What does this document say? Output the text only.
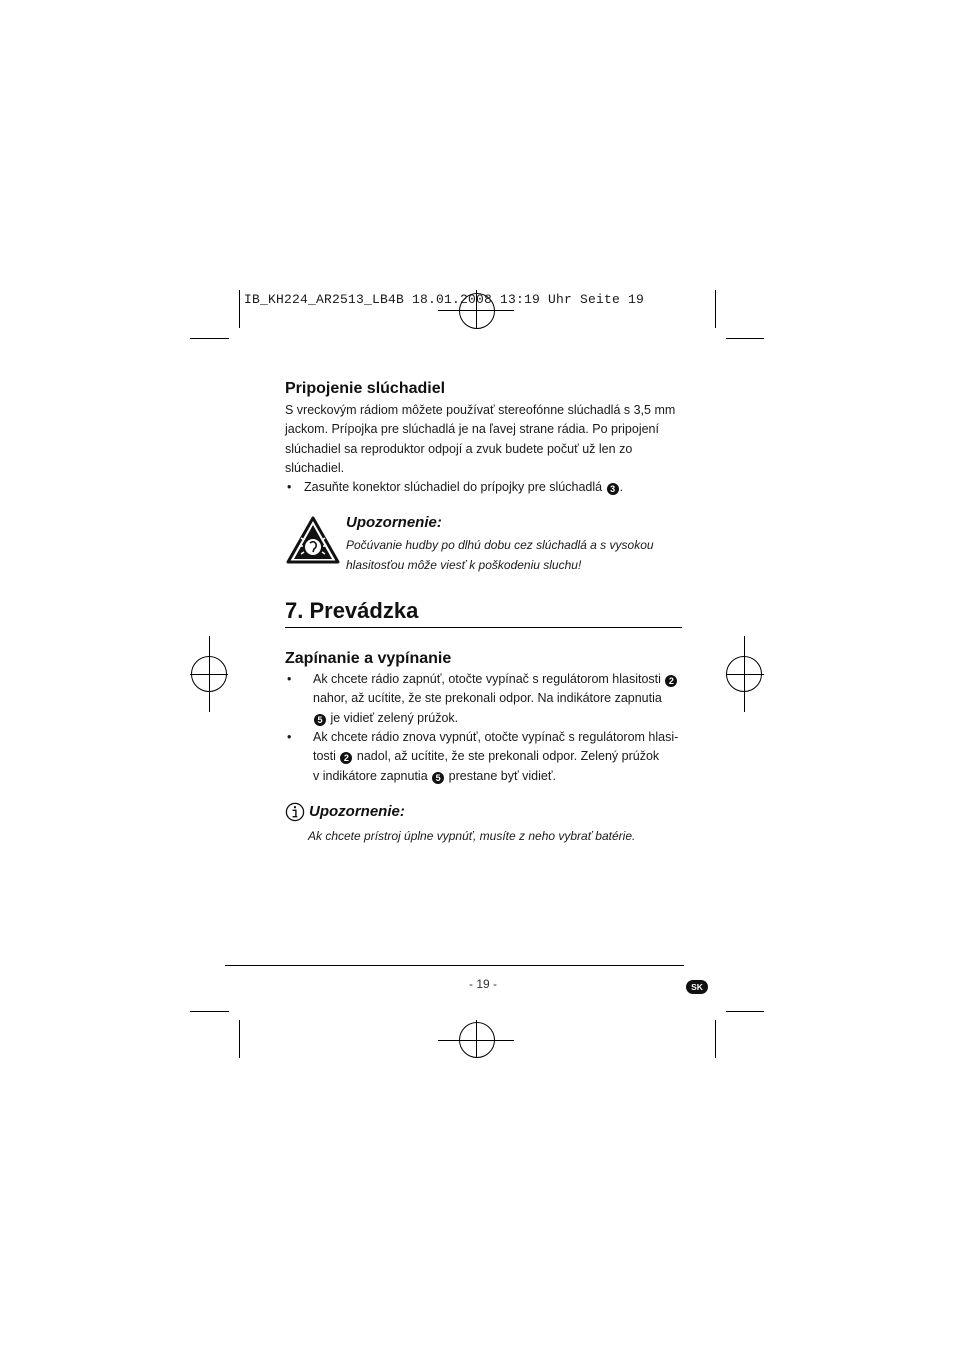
IB_KH224_AR2513_LB4B 18.01.2008 13:19 Uhr Seite 19
Pripojenie slúchadiel
S vreckovým rádiom môžete používať stereofónne slúchadlá s 3,5 mm
jackom. Prípojka pre slúchadlá je na ľavej strane rádia. Po pripojení
slúchadiel sa reproduktor odpojí a zvuk budete počuť už len zo
slúchadiel.
• Zasuňte konektor slúchadiel do prípojky pre slúchadlá 3 .
Upozornenie:
Počúvanie hudby po dlhú dobu cez slúchadlá a s vysokou
hlasitosťou môže viesť k poškodeniu sluchu!
7. Prevádzka
Zapínanie a vypínanie
• Ak chcete rádio zapnúť, otočte vypínač s regulátorom hlasitosti 2
nahor, až ucítite, že ste prekonali odpor. Na indikátore zapnutia
5 je vidieť zelený prúžok.
• Ak chcete rádio znova vypnúť, otočte vypínač s regulátorom hlasi-
tosti 2 nadol, až ucítite, že ste prekonali odpor. Zelený prúžok
v indikátore zapnutia 5 prestane byť vidieť.
Upozornenie:
Ak chcete prístroj úplne vypnúť, musíte z neho vybrať batérie.
- 19 -	SK
